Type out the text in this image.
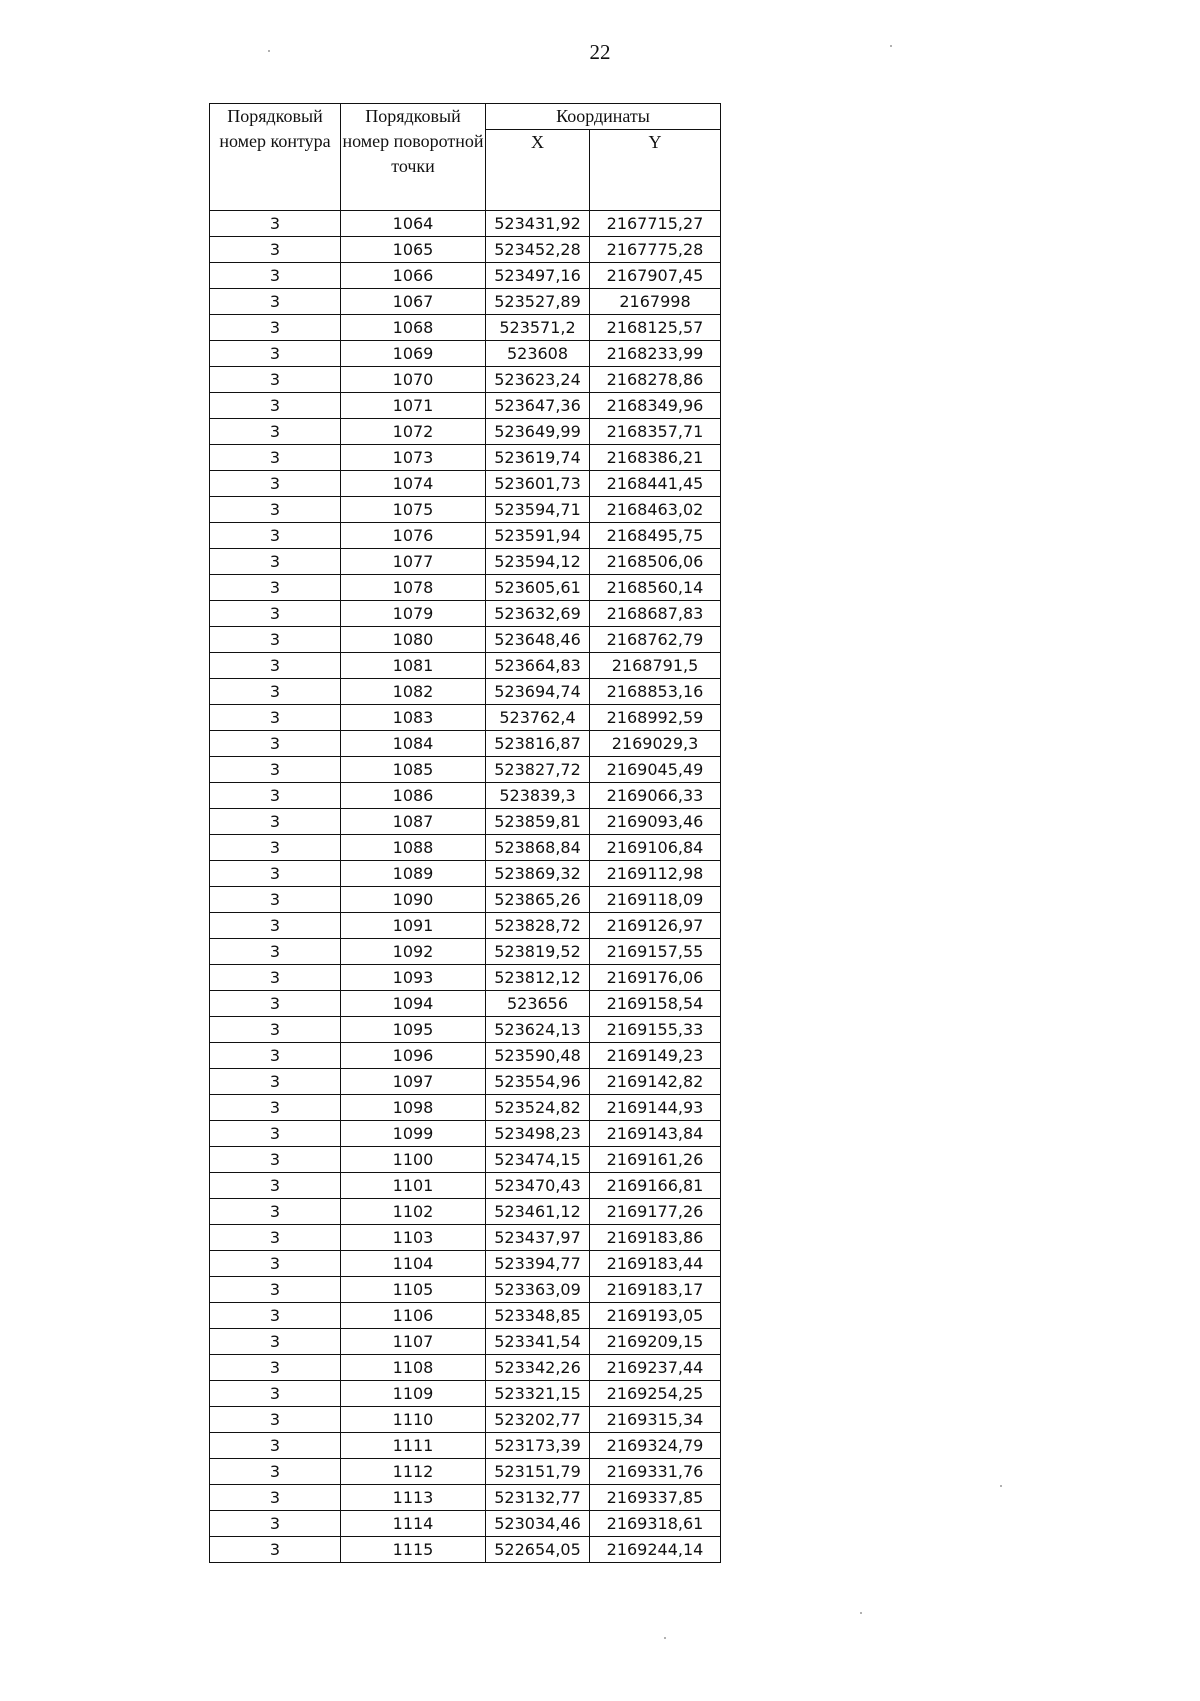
22
Порядковый номер контура	Порядковый номер поворотной точки	Координаты	
		X	Y
3	1064	523431,92	2167715,27
3	1065	523452,28	2167775,28
3	1066	523497,16	2167907,45
3	1067	523527,89	2167998
3	1068	523571,2	2168125,57
3	1069	523608	2168233,99
3	1070	523623,24	2168278,86
3	1071	523647,36	2168349,96
3	1072	523649,99	2168357,71
3	1073	523619,74	2168386,21
3	1074	523601,73	2168441,45
3	1075	523594,71	2168463,02
3	1076	523591,94	2168495,75
3	1077	523594,12	2168506,06
3	1078	523605,61	2168560,14
3	1079	523632,69	2168687,83
3	1080	523648,46	2168762,79
3	1081	523664,83	2168791,5
3	1082	523694,74	2168853,16
3	1083	523762,4	2168992,59
3	1084	523816,87	2169029,3
3	1085	523827,72	2169045,49
3	1086	523839,3	2169066,33
3	1087	523859,81	2169093,46
3	1088	523868,84	2169106,84
3	1089	523869,32	2169112,98
3	1090	523865,26	2169118,09
3	1091	523828,72	2169126,97
3	1092	523819,52	2169157,55
3	1093	523812,12	2169176,06
3	1094	523656	2169158,54
3	1095	523624,13	2169155,33
3	1096	523590,48	2169149,23
3	1097	523554,96	2169142,82
3	1098	523524,82	2169144,93
3	1099	523498,23	2169143,84
3	1100	523474,15	2169161,26
3	1101	523470,43	2169166,81
3	1102	523461,12	2169177,26
3	1103	523437,97	2169183,86
3	1104	523394,77	2169183,44
3	1105	523363,09	2169183,17
3	1106	523348,85	2169193,05
3	1107	523341,54	2169209,15
3	1108	523342,26	2169237,44
3	1109	523321,15	2169254,25
3	1110	523202,77	2169315,34
3	1111	523173,39	2169324,79
3	1112	523151,79	2169331,76
3	1113	523132,77	2169337,85
3	1114	523034,46	2169318,61
3	1115	522654,05	2169244,14
